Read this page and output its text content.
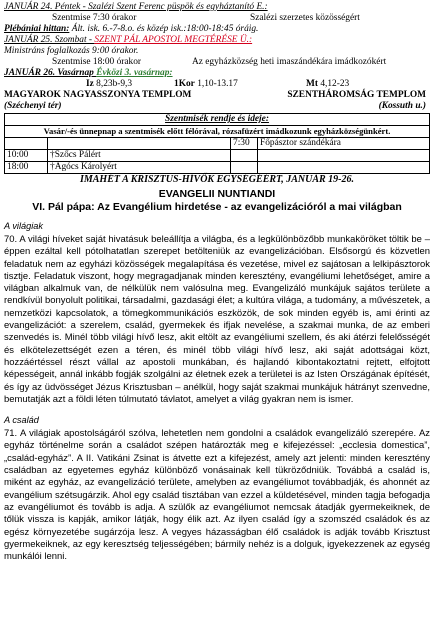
JANUÁR 24. Péntek - Szalézi Szent Ferenc püspök és egyháztanító E.:
Szentmise 7:30 órakor	Szalézi szerzetes közösségért
Plébániai hittan: Ált. isk. 6.-7-8.o. és közép isk.:18:00-18:45 óráig.
JANUÁR 25. Szombat - SZENT PÁL APOSTOL MEGTÉRÉSE Ü.:
Ministráns foglalkozás 9:00 órakor.
Szentmise 18:00 órakor	Az egyházközség heti imaszándékára imádkozókért
JANUÁR 26. Vasárnap Évközi 3. vasárnap:
Iz 8,23b-9,3	1Kor 1,10-13.17	Mt 4,12-23
MAGYAROK NAGYASSZONYA TEMPLOM	SZENTHÁROMSÁG TEMPLOM
(Széchenyi tér)	(Kossuth u.)
Szentmisék rendje és ideje:			
Vasár/-és ünnepnap a szentmisék előtt félórával, rózsafüzért imádkozunk egyházközségünkért.			
		7:30	Főpásztor szándékára
10:00	†Szőcs Pálért		
18:00	†Agócs Károlyért		
IMAHÉT A KRISZTUS-HÍVŐK EGYSÉGÉÉRT, JANUÁR 19-26.
EVANGELII NUNTIANDI
VI. Pál pápa: Az Evangélium hirdetése - az evangelizációról a mai világban
A világiak

70. A világi híveket saját hivatásuk beleállítja a világba, és a legkülönbözőbb munkaköröket töltik be – éppen ezáltal kell pótolhatatlan szerepet betölteniük az evangelizációban. Elsősorgú és közvetlen feladatuk nem az egyházi közösségek megalapítása és vezetése, mivel ez sajátosan a lelkipásztorok tisztje. Feladatuk viszont, hogy megragadjanak minden keresztény, evangéliumi lehetőséget, amire a világban alkalmuk van, de nélkülük nem valósulna meg. Evangelizáló munkájuk sajátos területe a rendkívül bonyolult politikai, társadalmi, gazdasági élet; a kultúra világa, a tudomány, a művészetek, a nemzetközi kapcsolatok, a tömegkommunikációs eszközök, de sok minden egyéb is, ami érinti az evangelizációt: a szerelem, család, gyermekek és ifjak nevelése, a szakmai munka, de az emberi szenvedés is. Minél több világi hívő lesz, akit eltölt az evangéliumi szellem, és aki átérzi felelősségét és elkötelezettségét ezen a téren, és minél több világi hívő lesz, aki saját adottságai közt, hozzáértéssel részt vállal az apostoli munkában, és hajlandó kibontakoztatni rejtett, elfojtott képességeit, annál inkább fogják szolgálni az életnek ezek a területei is az Isten Országának építését, és így az üdvösséget Jézus Krisztusban – anélkül, hogy saját szakmai munkájuk hátrányt szenvedne, bemutatják azt a földi léten túlmutató távlatot, amelyet a világ gyakran nem is ismer.

A család

71. A világiak apostolságáról szólva, lehetetlen nem gondolni a családok evangelizáló szerepére. Az egyház történelme során a családot szépen határozták meg e kifejezéssel: „ecclesia domestica”, „család-egyház”. A II. Vatikáni Zsinat is átvette ezt a kifejezést, amely azt jelenti: minden keresztény családban az egyetemes egyház különböző vonásainak kell tükröződniük. Továbbá a család is, miként az egyház, az evangelizáció területe, amelyben az evangéliumot továbbadják, és ahonnét az evangélium szétsugárzik. Ahol egy család tisztában van ezzel a küldetésével, minden tagja befogadja az evangéliumot és tovább is adja. A szülők az evangéliumot nemcsak átadják gyermekeiknek, de tőlük vissza is kapják, amikor látják, hogy élik azt. Az ilyen család így a szomszéd családok és az egész környezetébe sugárzója lesz. A vegyes házasságban élő családok is adják tovább Krisztust gyermekeiknek, az egy keresztség teljességében; bármily nehéz is a dolguk, igyekezzenek az egység munkálói lenni.
